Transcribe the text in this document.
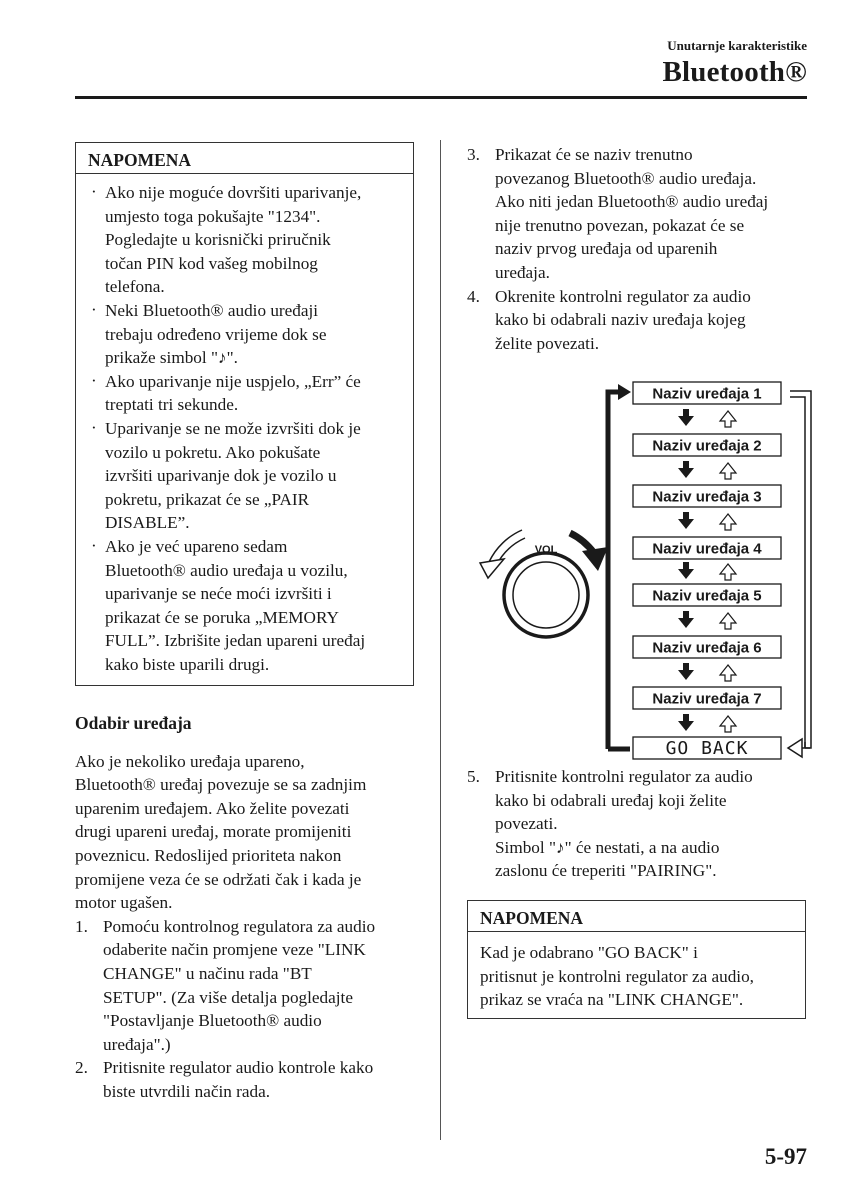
Unutarnje karakteristike
Bluetooth®
NAPOMENA
· Ako nije moguće dovršiti uparivanje,
umjesto toga pokušajte "1234".
Pogledajte u korisnički priručnik
točan PIN kod vašeg mobilnog
telefona.
· Neki Bluetooth® audio uređaji
trebaju određeno vrijeme dok se
prikaže simbol "♪".
· Ako uparivanje nije uspjelo, „Err” će
treptati tri sekunde.
· Uparivanje se ne može izvršiti dok je
vozilo u pokretu. Ako pokušate
izvršiti uparivanje dok je vozilo u
pokretu, prikazat će se „PAIR
DISABLE”.
· Ako je već upareno sedam
Bluetooth® audio uređaja u vozilu,
uparivanje se neće moći izvršiti i
prikazat će se poruka „MEMORY
FULL”. Izbrišite jedan upareni uređaj
kako biste uparili drugi.
Odabir uređaja
Ako je nekoliko uređaja upareno,
Bluetooth® uređaj povezuje se sa zadnjim
uparenim uređajem. Ako želite povezati
drugi upareni uređaj, morate promijeniti
poveznicu. Redoslijed prioriteta nakon
promijene veza će se održati čak i kada je
motor ugašen.
1. Pomoću kontrolnog regulatora za audio
odaberite način promjene veze "LINK
CHANGE" u načinu rada "BT
SETUP". (Za više detalja pogledajte
"Postavljanje Bluetooth® audio
uređaja".)
2. Pritisnite regulator audio kontrole kako
biste utvrdili način rada.
3. Prikazat će se naziv trenutno
povezanog Bluetooth® audio uređaja.
Ako niti jedan Bluetooth® audio uređaj
nije trenutno povezan, pokazat će se
naziv prvog uređaja od uparenih
uređaja.
4. Okrenite kontrolni regulator za audio
kako bi odabrali naziv uređaja kojeg
želite povezati.
VOL
Naziv uređaja 1
Naziv uređaja 2
Naziv uređaja 3
Naziv uređaja 4
Naziv uređaja 5
Naziv uređaja 6
Naziv uređaja 7
GO BACK
5. Pritisnite kontrolni regulator za audio
kako bi odabrali uređaj koji želite
povezati.
Simbol "♪" će nestati, a na audio
zaslonu će treperiti "PAIRING".
NAPOMENA
Kad je odabrano "GO BACK" i
pritisnut je kontrolni regulator za audio,
prikaz se vraća na "LINK CHANGE".
5-97
